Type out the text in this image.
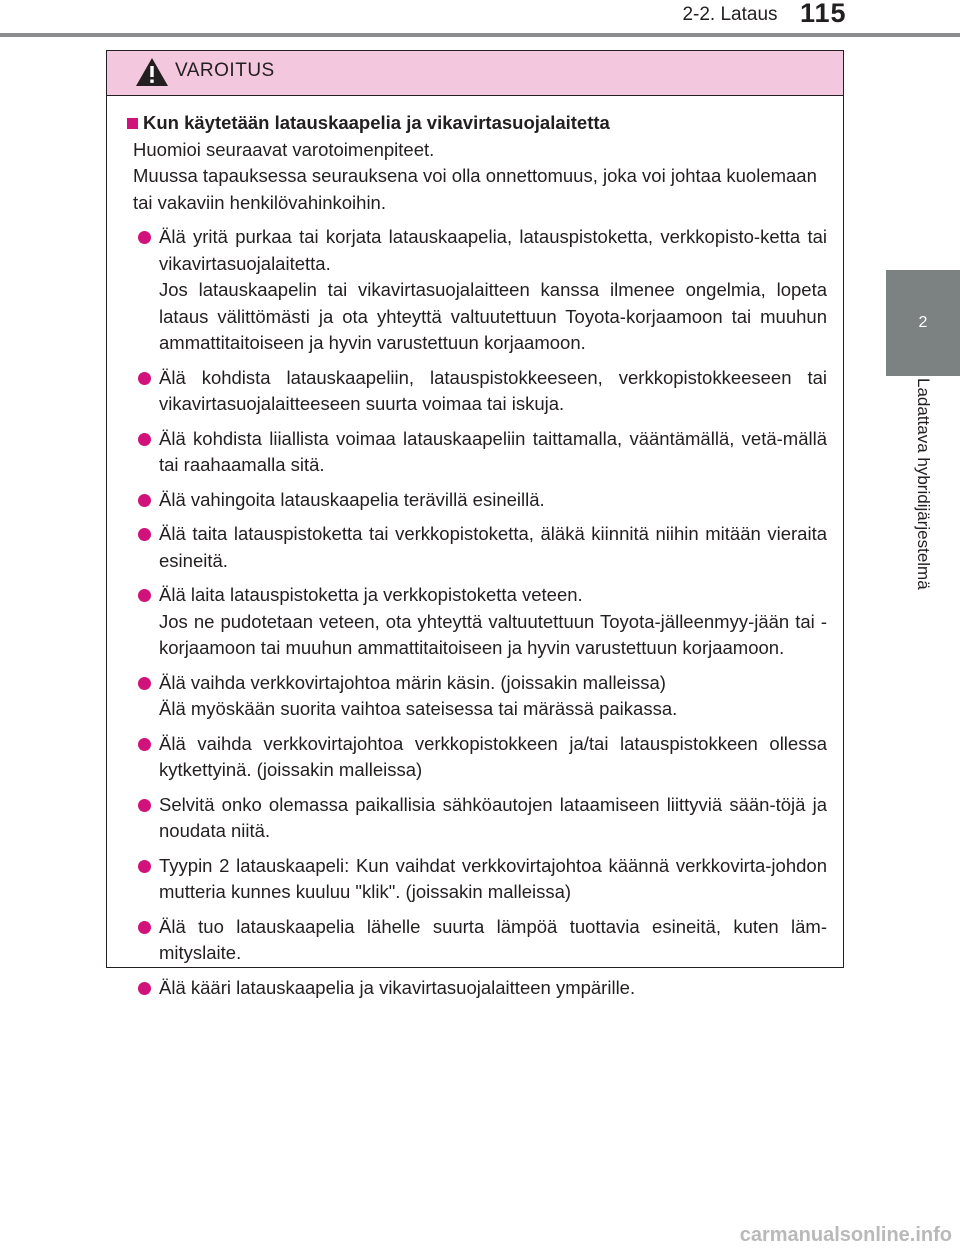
2-2. Lataus 115
2
Ladattava hybridijärjestelmä
VAROITUS
Kun käytetään latauskaapelia ja vikavirtasuojalaitetta

Huomioi seuraavat varotoimenpiteet.

Muussa tapauksessa seurauksena voi olla onnettomuus, joka voi johtaa kuolemaan tai vakaviin henkilövahinkoihin.

Älä yritä purkaa tai korjata latauskaapelia, latauspistoketta, verkkopisto-ketta tai vikavirtasuojalaitetta.

Jos latauskaapelin tai vikavirtasuojalaitteen kanssa ilmenee ongelmia, lopeta lataus välittömästi ja ota yhteyttä valtuutettuun Toyota-korjaamoon tai muuhun ammattitaitoiseen ja hyvin varustettuun korjaamoon.

Älä kohdista latauskaapeliin, latauspistokkeeseen, verkkopistokkeeseen tai vikavirtasuojalaitteeseen suurta voimaa tai iskuja.

Älä kohdista liiallista voimaa latauskaapeliin taittamalla, vääntämällä, vetä-mällä tai raahaamalla sitä.

Älä vahingoita latauskaapelia terävillä esineillä.

Älä taita latauspistoketta tai verkkopistoketta, äläkä kiinnitä niihin mitään vieraita esineitä.

Älä laita latauspistoketta ja verkkopistoketta veteen.

Jos ne pudotetaan veteen, ota yhteyttä valtuutettuun Toyota-jälleenmyy-jään tai -korjaamoon tai muuhun ammattitaitoiseen ja hyvin varustettuun korjaamoon.

Älä vaihda verkkovirtajohtoa märin käsin. (joissakin malleissa)

Älä myöskään suorita vaihtoa sateisessa tai märässä paikassa.

Älä vaihda verkkovirtajohtoa verkkopistokkeen ja/tai latauspistokkeen ollessa kytkettyinä. (joissakin malleissa)

Selvitä onko olemassa paikallisia sähköautojen lataamiseen liittyviä sään-töjä ja noudata niitä.

Tyypin 2 latauskaapeli: Kun vaihdat verkkovirtajohtoa käännä verkkovirta-johdon mutteria kunnes kuuluu "klik". (joissakin malleissa)

Älä tuo latauskaapelia lähelle suurta lämpöä tuottavia esineitä, kuten läm-mityslaite.

Älä kääri latauskaapelia ja vikavirtasuojalaitteen ympärille.

carmanualsonline.info
